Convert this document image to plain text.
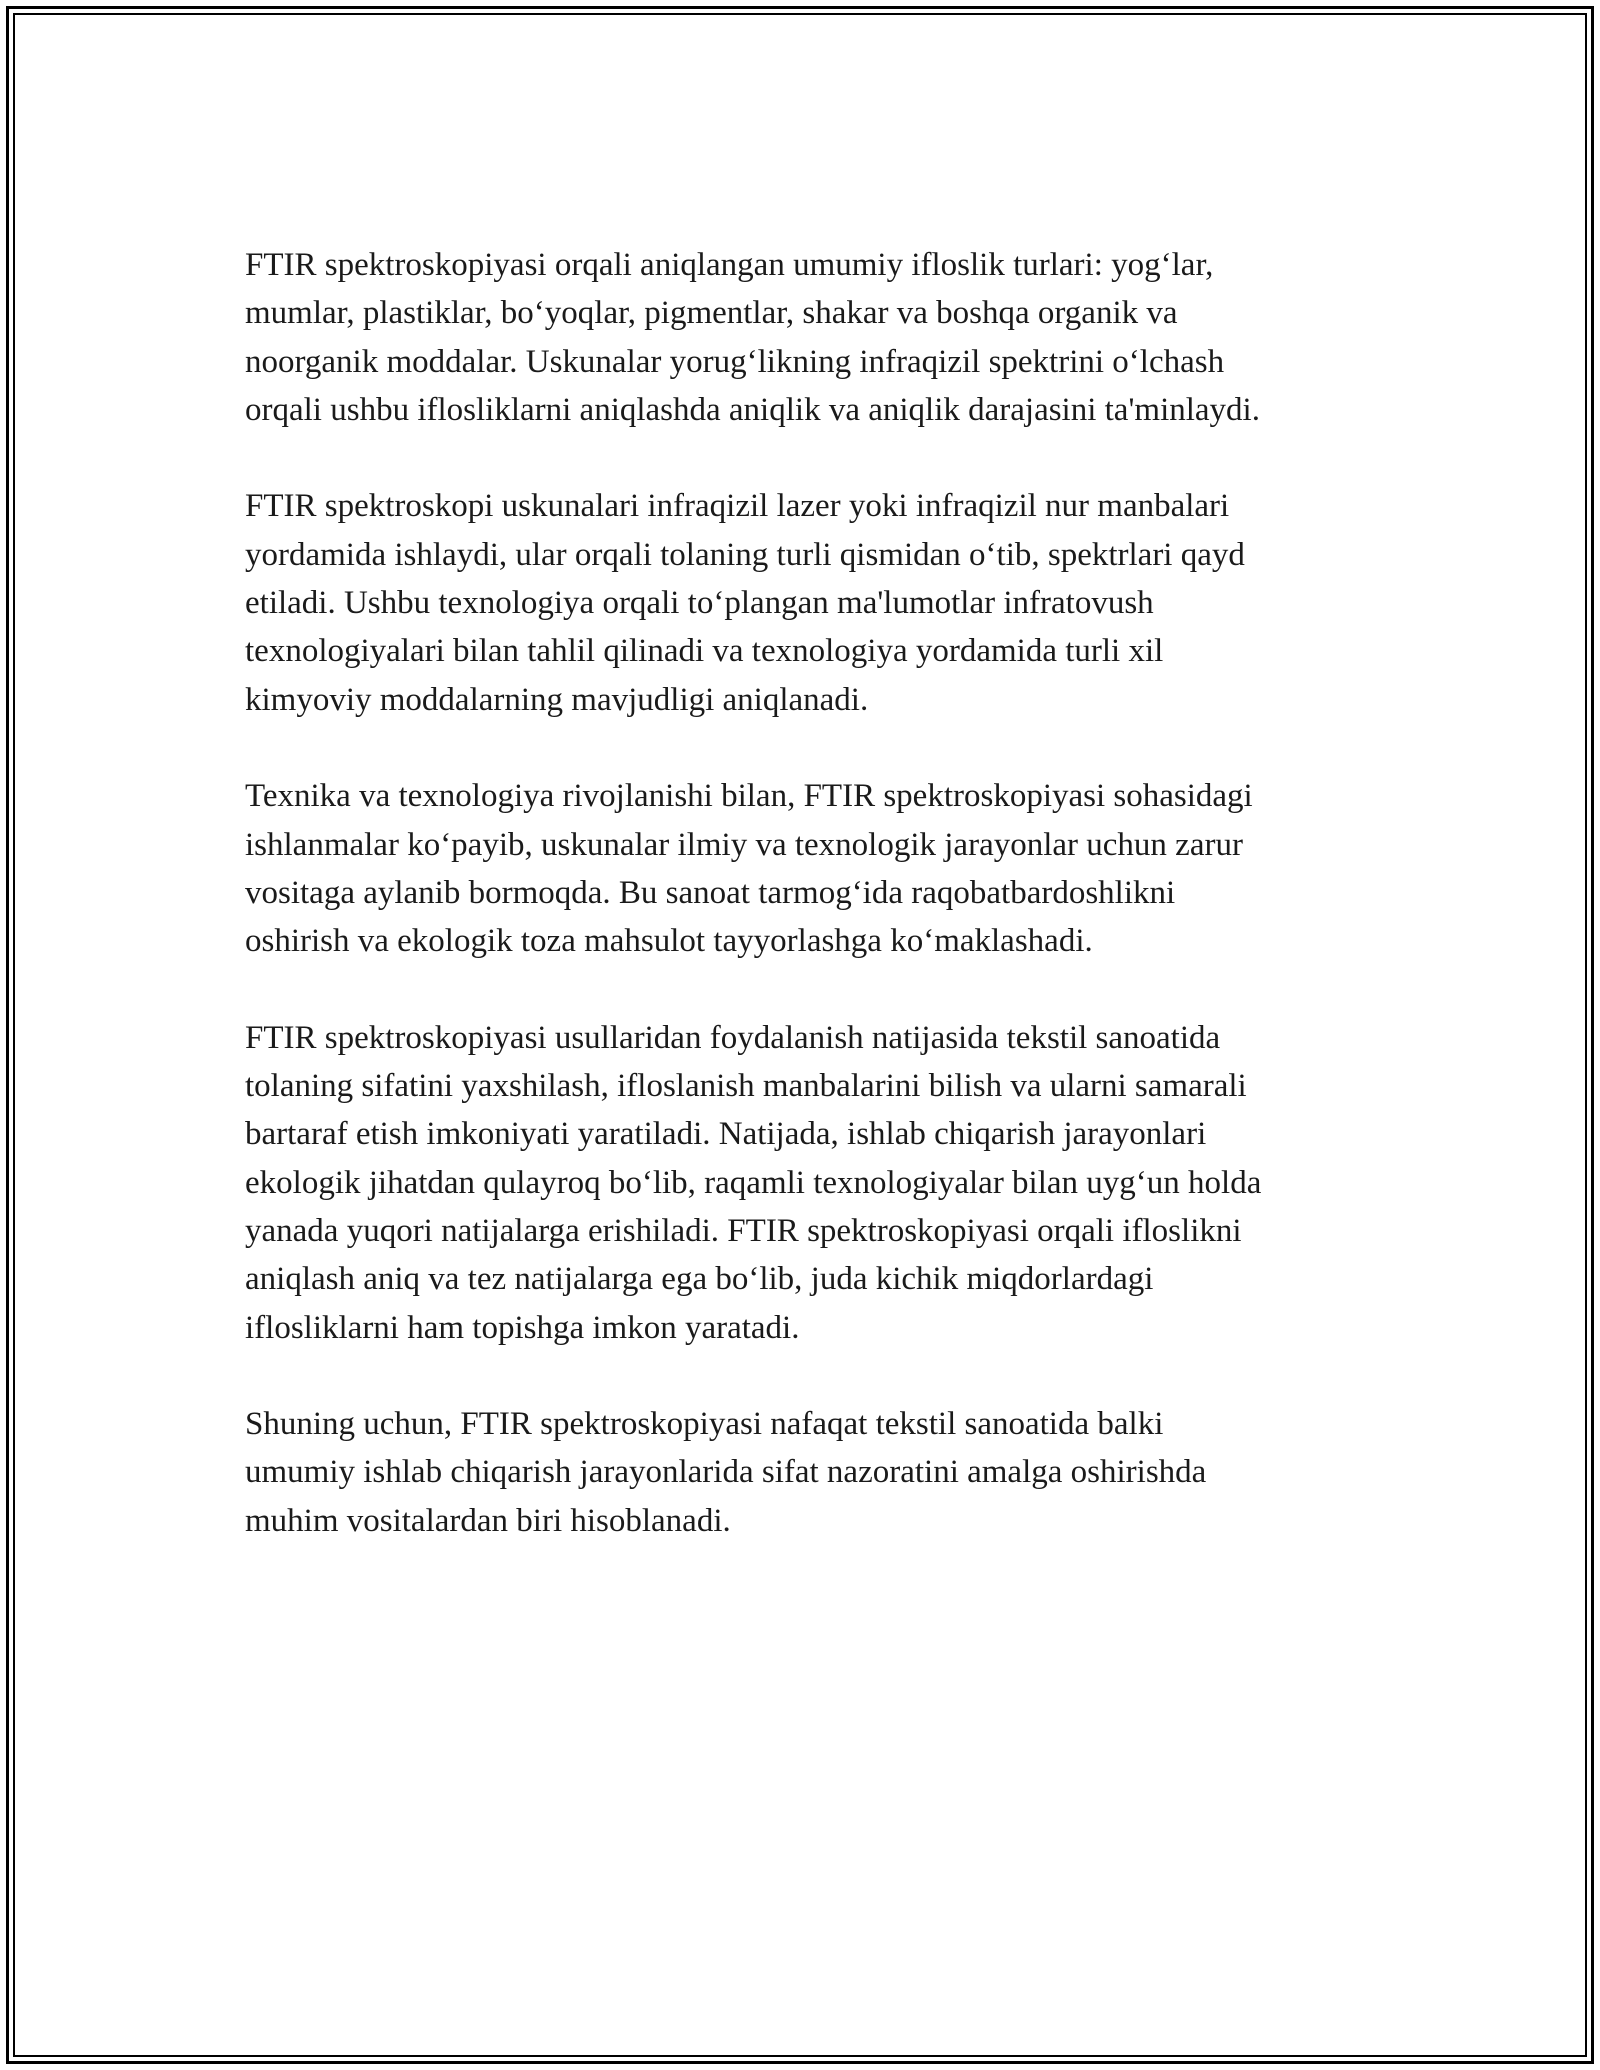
FTIR spektroskopiyasi orqali aniqlangan umumiy ifloslik turlari: yog‘lar,
mumlar, plastiklar, bo‘yoqlar, pigmentlar, shakar va boshqa organik va
noorganik moddalar. Uskunalar yorug‘likning infraqizil spektrini o‘lchash
orqali ushbu ifloslikl​arni aniqlashda aniqlik va aniqlik darajasini ta'minlaydi.

FTIR spektroskopi uskunalari infraqizil lazer yoki infraqizil nur manbalari
yordamida ishlaydi, ular orqali tolaning turli qismidan o‘tib, spektrlari qayd
etiladi. Ushbu texnologiya orqali to‘plangan ma'lumotlar infratovush
texnologiyalari bilan tahlil qilinadi va texnologiya yordamida turli xil
kimyoviy moddalarning mavjudligi aniqlanadi.

Texnika va texnologiya rivojlanishi bilan, FTIR spektroskopiyasi sohasidagi
ishlanmalar ko‘payib, uskunalar ilmiy va texnologik jarayonlar uchun zarur
vositaga aylanib bormoqda. Bu sanoat tarmog‘ida raqobatbardoshlikni
oshirish va ekologik toza mahsulot tayyorlashga ko‘maklashadi.

FTIR spektroskopiyasi usullaridan foydalanish natijasida tekstil sanoatida
tolaning sifatini yaxshilash, ifloslanish manbalarini bilish va ularni samarali
bartaraf etish imkoniyati yaratiladi. Natijada, ishlab chiqarish jarayonlari
ekologik jihatdan qulayroq bo‘lib, raqamli texnologiyalar bilan uyg‘un holda
yanada yuqori natijalarga erishiladi. FTIR spektroskopiyasi orqali ifloslikni
aniqlash aniq va tez natijalarga ega bo‘lib, juda kichik miqdorlardagi
ifloslikl​arni ham topishga imkon yaratadi.

Shuning uchun, FTIR spektroskopiyasi nafaqat tekstil sanoatida balki
umumiy ishlab chiqarish jarayonlarida sifat nazoratini amalga oshirishda
muhim vositalardan biri hisoblanadi.
